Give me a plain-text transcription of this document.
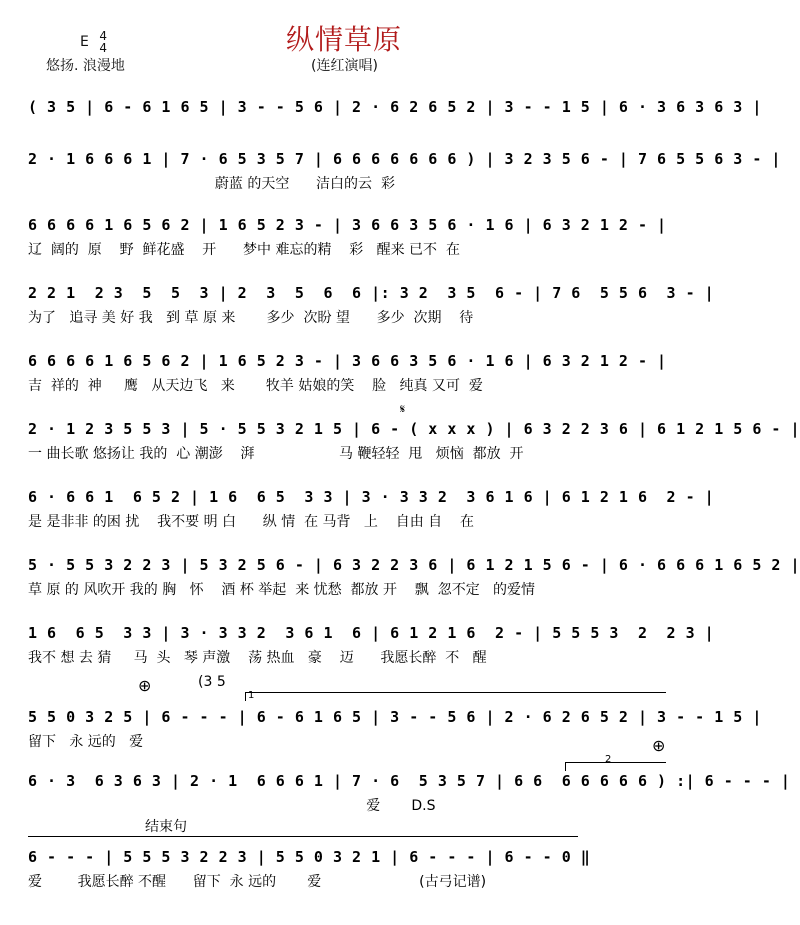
纵情草原
E 4
4
悠扬. 浪漫地	(连红演唱)
( 3 5 | 6 - 6 1 6 5 | 3 - - 5 6 | 2 · 6 2 6 5 2 | 3 - - 1 5 | 6 · 3 6 3 6 3 |
2 · 1 6 6 6 1 | 7 · 6 5 3 5 7 | 6 6 6 6 6 6 6 ) | 3 2 3 5 6 - | 7 6 5 5 6 3 - |
蔚蓝 的天空      洁白的云  彩
6 6 6 6 1 6 5 6 2 | 1 6 5 2 3 - | 3 6 6 3 5 6 · 1 6 | 6 3 2 1 2 - |
辽  阔的  原    野  鲜花盛    开      梦中 难忘的精    彩   醒来 已不  在
2 2 1  2 3  5  5  3 | 2  3  5  6  6 |: 3 2  3 5  6 - | 7 6  5 5 6  3 - |
为了   追寻 美 好 我   到 草 原 来       多少  次盼 望      多少  次期    待
6 6 6 6 1 6 5 6 2 | 1 6 5 2 3 - | 3 6 6 3 5 6 · 1 6 | 6 3 2 1 2 - |
吉  祥的  神     鹰   从天边飞   来       牧羊 姑娘的笑    脸   纯真 又可  爱
𝄋
2 · 1 2 3 5 5 3 | 5 · 5 5 3 2 1 5 | 6 - ( x x x ) | 6 3 2 2 3 6 | 6 1 2 1 5 6 - |
一 曲长歌 悠扬让 我的  心 潮澎    湃                   马 鞭轻轻  甩   烦恼  都放  开
6 · 6 6 1  6 5 2 | 1 6  6 5  3 3 | 3 · 3 3 2  3 6 1 6 | 6 1 2 1 6  2 - |
是 是非非 的困 扰    我不要 明 白      纵 情  在 马背   上    自由 自    在
5 · 5 5 3 2 2 3 | 5 3 2 5 6 - | 6 3 2 2 3 6 | 6 1 2 1 5 6 - | 6 · 6 6 6 1 6 5 2 |
草 原 的 风吹开 我的 胸   怀    酒 杯 举起  来 忧愁  都放 开    飘  忽不定   的爱情
1 6  6 5  3 3 | 3 · 3 3 2  3 6 1  6 | 6 1 2 1 6  2 - | 5 5 5 3  2  2 3 |
我不 想 去 猜     马  头   琴 声激    荡 热血   豪    迈      我愿长醉  不   醒
⊕	(3 5
1
5 5 0 3 2 5 | 6 - - - | 6 - 6 1 6 5 | 3 - - 5 6 | 2 · 6 2 6 5 2 | 3 - - 1 5 |
留下   永 远的   爱
2
⊕
6 · 3  6 3 6 3 | 2 · 1  6 6 6 1 | 7 · 6  5 3 5 7 | 6 6  6 6 6 6 6 ) :| 6 - - - |
爱       D.S
结束句
6 - - - | 5 5 5 3 2 2 3 | 5 5 0 3 2 1 | 6 - - - | 6 - - 0 ‖
爱        我愿长醉 不醒      留下  永 远的       爱                      (古弓记谱)
